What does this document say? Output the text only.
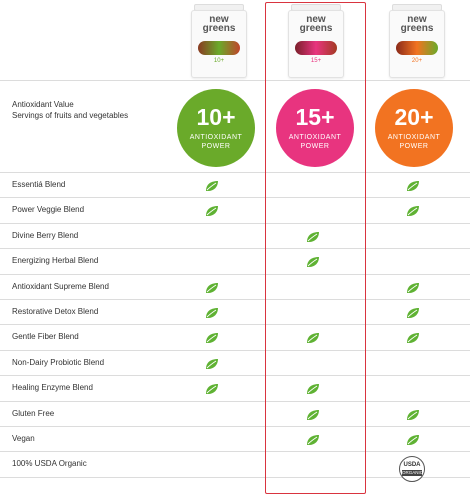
new
greens
10+
new
greens
15+
new
greens
20+
Antioxidant Value
Servings of fruits and vegetables	10+
ANTIOXIDANT
POWER
15+
ANTIOXIDANT
POWER
20+
ANTIOXIDANT
POWER
Essentiá Blend
Power Veggie Blend
Divine Berry Blend
Energizing Herbal Blend
Antioxidant Supreme Blend
Restorative Detox Blend
Gentle Fiber Blend
Non-Dairy Probiotic Blend
Healing Enzyme Blend
Gluten Free
Vegan
100% USDA Organic	USDA
ORGANIC
